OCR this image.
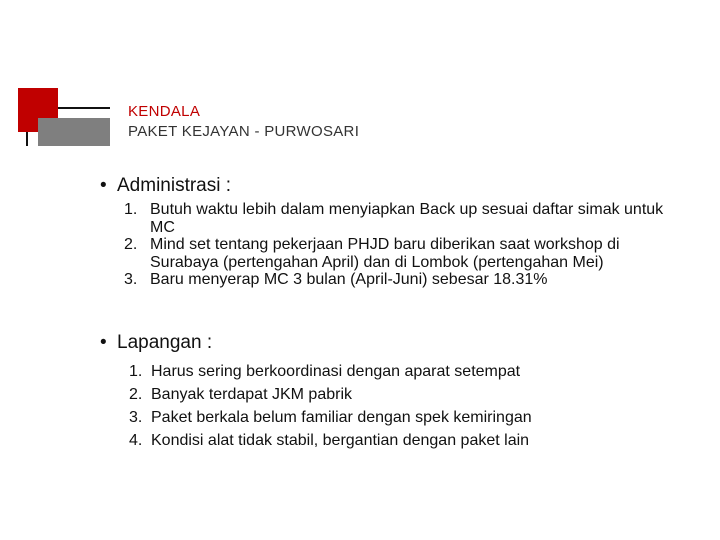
KENDALA
PAKET KEJAYAN - PURWOSARI
• Administrasi :
1. Butuh waktu lebih dalam menyiapkan Back up sesuai daftar simak untuk MC
2. Mind set tentang pekerjaan PHJD baru diberikan saat workshop di Surabaya (pertengahan April) dan di Lombok (pertengahan Mei)
3. Baru menyerap MC 3 bulan (April-Juni) sebesar 18.31%
• Lapangan :
1. Harus sering berkoordinasi dengan aparat setempat
2. Banyak terdapat JKM pabrik
3. Paket berkala belum familiar dengan spek kemiringan
4. Kondisi alat tidak stabil, bergantian dengan paket lain
